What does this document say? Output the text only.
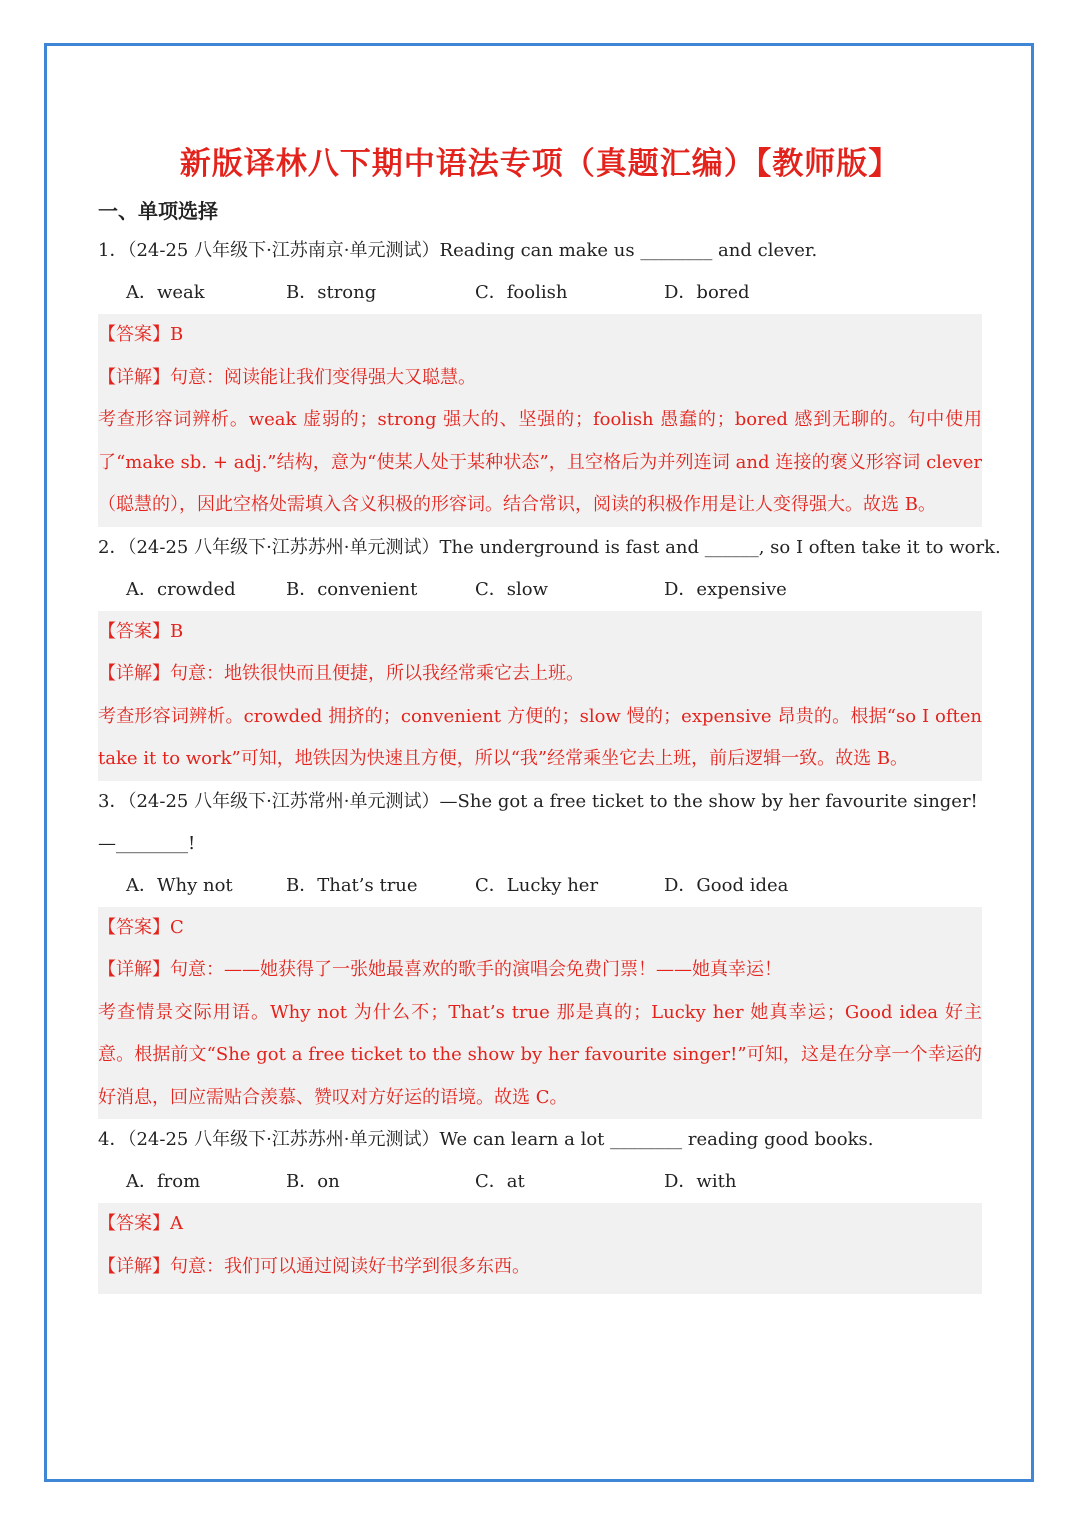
新版译林八下期中语法专项（真题汇编）【教师版】
一、单项选择
1．（24-25 八年级下·江苏南京·单元测试）Reading can make us ________ and clever.
A．weak	B．strong	C．foolish	D．bored
【答案】B
【详解】句意：阅读能让我们变得强大又聪慧。
考查形容词辨析。weak 虚弱的；strong 强大的、坚强的；foolish 愚蠢的；bored 感到无聊的。句中使用了“make sb. + adj.”结构，意为“使某人处于某种状态”，且空格后为并列连词 and 连接的褒义形容词 clever（聪慧的），因此空格处需填入含义积极的形容词。结合常识，阅读的积极作用是让人变得强大。故选 B。
2．（24-25 八年级下·江苏苏州·单元测试）The underground is fast and ______, so I often take it to work.
A．crowded	B．convenient	C．slow	D．expensive
【答案】B
【详解】句意：地铁很快而且便捷，所以我经常乘它去上班。
考查形容词辨析。crowded 拥挤的；convenient 方便的；slow 慢的；expensive 昂贵的。根据“so I often take it to work”可知，地铁因为快速且方便，所以“我”经常乘坐它去上班，前后逻辑一致。故选 B。
3．（24-25 八年级下·江苏常州·单元测试）—She got a free ticket to the show by her favourite singer!
—________!
A．Why not	B．That’s true	C．Lucky her	D．Good idea
【答案】C
【详解】句意：——她获得了一张她最喜欢的歌手的演唱会免费门票！——她真幸运！
考查情景交际用语。Why not 为什么不；That’s true 那是真的；Lucky her 她真幸运；Good idea 好主意。根据前文“She got a free ticket to the show by her favourite singer!”可知，这是在分享一个幸运的好消息，回应需贴合羡慕、赞叹对方好运的语境。故选 C。
4．（24-25 八年级下·江苏苏州·单元测试）We can learn a lot ________ reading good books.
A．from	B．on	C．at	D．with
【答案】A
【详解】句意：我们可以通过阅读好书学到很多东西。
